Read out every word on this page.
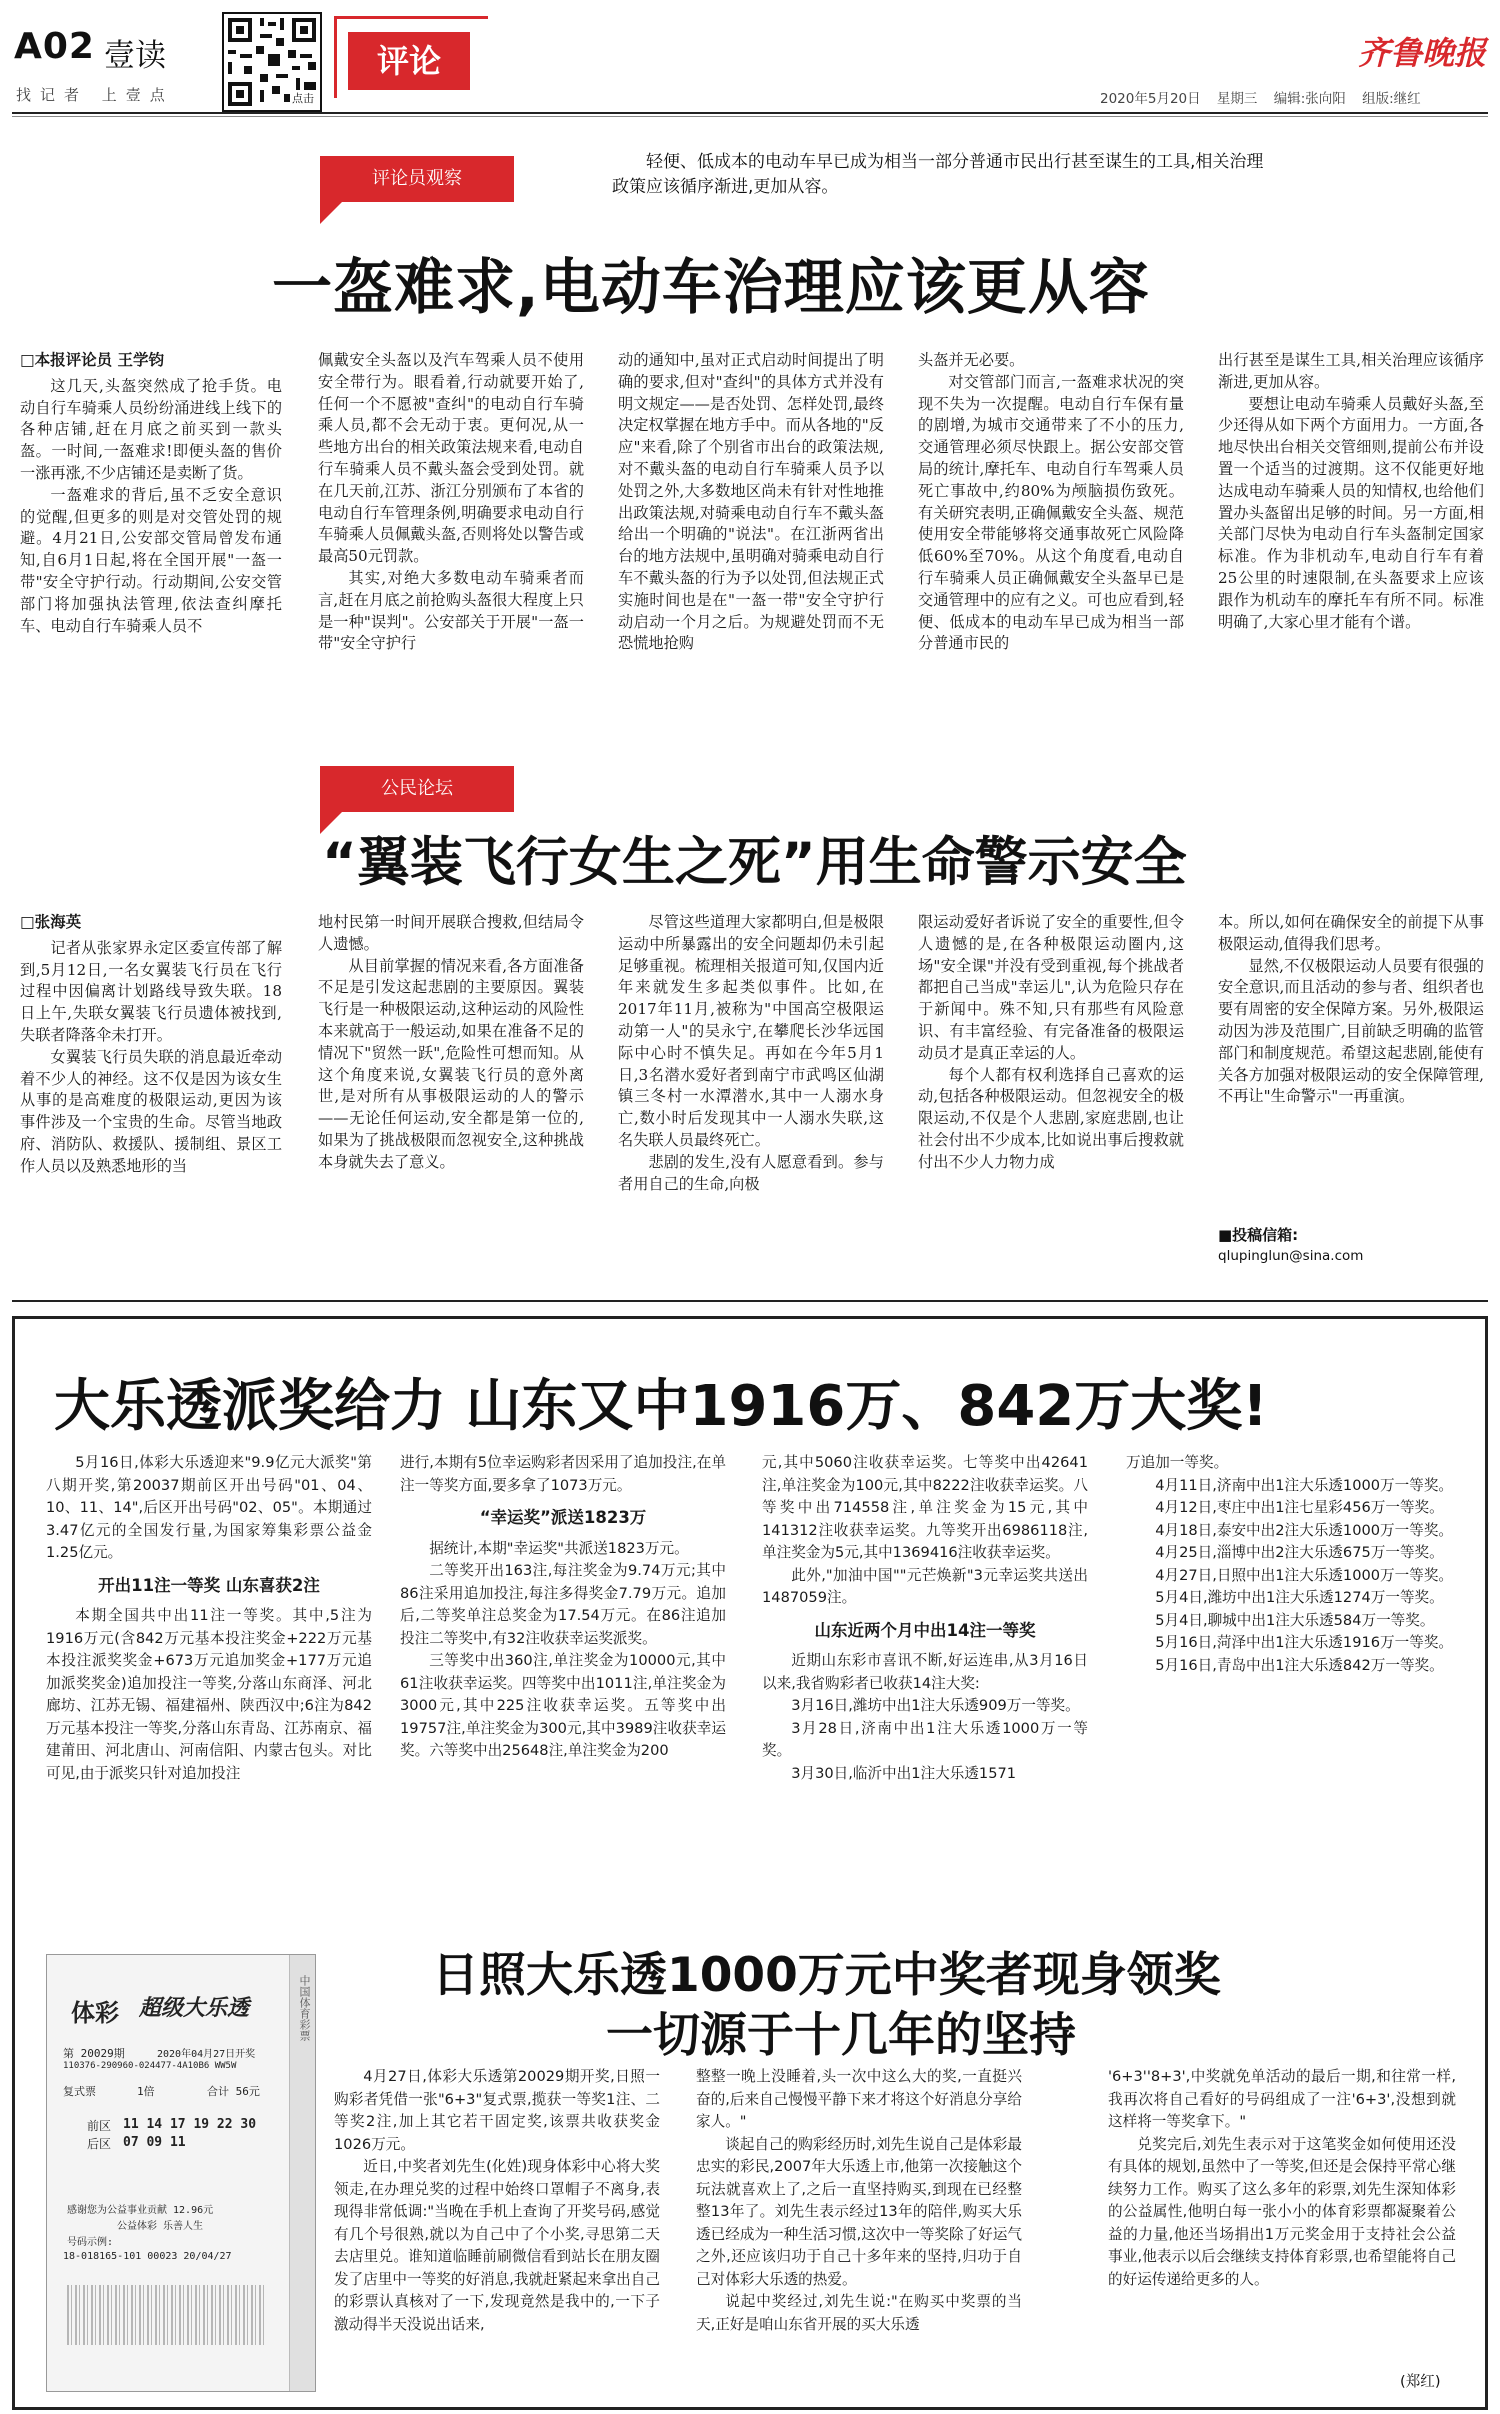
A02 壹读
找记者 上壹点	点击
评论	齐鲁晚报
2020年5月20日 星期三 编辑:张向阳 组版:继红
评论员观察
轻便、低成本的电动车早已成为相当一部分普通市民出行甚至谋生的工具,相关治理政策应该循序渐进,更加从容。
一盔难求,电动车治理应该更从容

□本报评论员 王学钧

这几天,头盔突然成了抢手货。电动自行车骑乘人员纷纷涌进线上线下的各种店铺,赶在月底之前买到一款头盔。一时间,一盔难求!即便头盔的售价一涨再涨,不少店铺还是卖断了货。

一盔难求的背后,虽不乏安全意识的觉醒,但更多的则是对交管处罚的规避。4月21日,公安部交管局曾发布通知,自6月1日起,将在全国开展"一盔一带"安全守护行动。行动期间,公安交管部门将加强执法管理,依法查纠摩托车、电动自行车骑乘人员不

佩戴安全头盔以及汽车驾乘人员不使用安全带行为。眼看着,行动就要开始了,任何一个不愿被"查纠"的电动自行车骑乘人员,都不会无动于衷。更何况,从一些地方出台的相关政策法规来看,电动自行车骑乘人员不戴头盔会受到处罚。就在几天前,江苏、浙江分别颁布了本省的电动自行车管理条例,明确要求电动自行车骑乘人员佩戴头盔,否则将处以警告或最高50元罚款。

其实,对绝大多数电动车骑乘者而言,赶在月底之前抢购头盔很大程度上只是一种"误判"。公安部关于开展"一盔一带"安全守护行

动的通知中,虽对正式启动时间提出了明确的要求,但对"查纠"的具体方式并没有明文规定——是否处罚、怎样处罚,最终决定权掌握在地方手中。而从各地的"反应"来看,除了个别省市出台的政策法规,对不戴头盔的电动自行车骑乘人员予以处罚之外,大多数地区尚未有针对性地推出政策法规,对骑乘电动自行车不戴头盔给出一个明确的"说法"。在江浙两省出台的地方法规中,虽明确对骑乘电动自行车不戴头盔的行为予以处罚,但法规正式实施时间也是在"一盔一带"安全守护行动启动一个月之后。为规避处罚而不无恐慌地抢购

头盔并无必要。

对交管部门而言,一盔难求状况的突现不失为一次提醒。电动自行车保有量的剧增,为城市交通带来了不小的压力,交通管理必须尽快跟上。据公安部交管局的统计,摩托车、电动自行车驾乘人员死亡事故中,约80%为颅脑损伤致死。有关研究表明,正确佩戴安全头盔、规范使用安全带能够将交通事故死亡风险降低60%至70%。从这个角度看,电动自行车骑乘人员正确佩戴安全头盔早已是交通管理中的应有之义。可也应看到,轻便、低成本的电动车早已成为相当一部分普通市民的

出行甚至是谋生工具,相关治理应该循序渐进,更加从容。

要想让电动车骑乘人员戴好头盔,至少还得从如下两个方面用力。一方面,各地尽快出台相关交管细则,提前公布并设置一个适当的过渡期。这不仅能更好地达成电动车骑乘人员的知情权,也给他们置办头盔留出足够的时间。另一方面,相关部门尽快为电动自行车头盔制定国家标准。作为非机动车,电动自行车有着25公里的时速限制,在头盔要求上应该跟作为机动车的摩托车有所不同。标准明确了,大家心里才能有个谱。

公民论坛
“翼装飞行女生之死”用生命警示安全

□张海英

记者从张家界永定区委宣传部了解到,5月12日,一名女翼装飞行员在飞行过程中因偏离计划路线导致失联。18日上午,失联女翼装飞行员遗体被找到,失联者降落伞未打开。

女翼装飞行员失联的消息最近牵动着不少人的神经。这不仅是因为该女生从事的是高难度的极限运动,更因为该事件涉及一个宝贵的生命。尽管当地政府、消防队、救援队、援制组、景区工作人员以及熟悉地形的当

地村民第一时间开展联合搜救,但结局令人遗憾。

从目前掌握的情况来看,各方面准备不足是引发这起悲剧的主要原因。翼装飞行是一种极限运动,这种运动的风险性本来就高于一般运动,如果在准备不足的情况下"贸然一跃",危险性可想而知。从这个角度来说,女翼装飞行员的意外离世,是对所有从事极限运动的人的警示——无论任何运动,安全都是第一位的,如果为了挑战极限而忽视安全,这种挑战本身就失去了意义。

尽管这些道理大家都明白,但是极限运动中所暴露出的安全问题却仍未引起足够重视。梳理相关报道可知,仅国内近年来就发生多起类似事件。比如,在2017年11月,被称为"中国高空极限运动第一人"的吴永宁,在攀爬长沙华远国际中心时不慎失足。再如在今年5月1日,3名潜水爱好者到南宁市武鸣区仙湖镇三冬村一水潭潜水,其中一人溺水身亡,数小时后发现其中一人溺水失联,这名失联人员最终死亡。

悲剧的发生,没有人愿意看到。参与者用自己的生命,向极

限运动爱好者诉说了安全的重要性,但令人遗憾的是,在各种极限运动圈内,这场"安全课"并没有受到重视,每个挑战者都把自己当成"幸运儿",认为危险只存在于新闻中。殊不知,只有那些有风险意识、有丰富经验、有完备准备的极限运动员才是真正幸运的人。

每个人都有权利选择自己喜欢的运动,包括各种极限运动。但忽视安全的极限运动,不仅是个人悲剧,家庭悲剧,也让社会付出不少成本,比如说出事后搜救就付出不少人力物力成

本。所以,如何在确保安全的前提下从事极限运动,值得我们思考。

显然,不仅极限运动人员要有很强的安全意识,而且活动的参与者、组织者也要有周密的安全保障方案。另外,极限运动因为涉及范围广,目前缺乏明确的监管部门和制度规范。希望这起悲剧,能使有关各方加强对极限运动的安全保障管理,不再让"生命警示"一再重演。

■投稿信箱:
qlupinglun@sina.com
大乐透派奖给力 山东又中1916万、842万大奖!

5月16日,体彩大乐透迎来"9.9亿元大派奖"第八期开奖,第20037期前区开出号码"01、04、10、11、14",后区开出号码"02、05"。本期通过3.47亿元的全国发行量,为国家筹集彩票公益金1.25亿元。

开出11注一等奖 山东喜获2注

本期全国共中出11注一等奖。其中,5注为1916万元(含842万元基本投注奖金+222万元基本投注派奖奖金+673万元追加奖金+177万元追加派奖奖金)追加投注一等奖,分落山东商泽、河北廊坊、江苏无锡、福建福州、陕西汉中;6注为842万元基本投注一等奖,分落山东青岛、江苏南京、福建莆田、河北唐山、河南信阳、内蒙古包头。对比可见,由于派奖只针对追加投注

进行,本期有5位幸运购彩者因采用了追加投注,在单注一等奖方面,要多拿了1073万元。

“幸运奖”派送1823万

据统计,本期"幸运奖"共派送1823万元。

二等奖开出163注,每注奖金为9.74万元;其中86注采用追加投注,每注多得奖金7.79万元。追加后,二等奖单注总奖金为17.54万元。在86注追加投注二等奖中,有32注收获幸运奖派奖。

三等奖中出360注,单注奖金为10000元,其中61注收获幸运奖。四等奖中出1011注,单注奖金为3000元,其中225注收获幸运奖。五等奖中出19757注,单注奖金为300元,其中3989注收获幸运奖。六等奖中出25648注,单注奖金为200

元,其中5060注收获幸运奖。七等奖中出42641注,单注奖金为100元,其中8222注收获幸运奖。八等奖中出714558注,单注奖金为15元,其中141312注收获幸运奖。九等奖开出6986118注,单注奖金为5元,其中1369416注收获幸运奖。

此外,"加油中国""元芒焕新"3元幸运奖共送出1487059注。

山东近两个月中出14注一等奖

近期山东彩市喜讯不断,好运连串,从3月16日以来,我省购彩者已收获14注大奖:

3月16日,潍坊中出1注大乐透909万一等奖。

3月28日,济南中出1注大乐透1000万一等奖。

3月30日,临沂中出1注大乐透1571

万追加一等奖。

4月11日,济南中出1注大乐透1000万一等奖。

4月12日,枣庄中出1注七星彩456万一等奖。

4月18日,泰安中出2注大乐透1000万一等奖。

4月25日,淄博中出2注大乐透675万一等奖。

4月27日,日照中出1注大乐透1000万一等奖。

5月4日,潍坊中出1注大乐透1274万一等奖。

5月4日,聊城中出1注大乐透584万一等奖。

5月16日,菏泽中出1注大乐透1916万一等奖。

5月16日,青岛中出1注大乐透842万一等奖。

日照大乐透1000万元中奖者现身领奖
一切源于十几年的坚持
中国体育彩票
体彩 超级大乐透
第 20029期	2020年04月27日开奖
110376-290960-024477-4A10B6 WW5W
复式票	1倍	合计 56元
前区 11 14 17 19 22 30
后区 07 09 11
感谢您为公益事业贡献 12.96元
公益体彩 乐善人生
号码示例:
18-018165-101 00023 20/04/27

4月27日,体彩大乐透第20029期开奖,日照一购彩者凭借一张"6+3"复式票,揽获一等奖1注、二等奖2注,加上其它若干固定奖,该票共收获奖金1026万元。

近日,中奖者刘先生(化姓)现身体彩中心将大奖领走,在办理兑奖的过程中始终口罩帽子不离身,表现得非常低调:"当晚在手机上查询了开奖号码,感觉有几个号很熟,就以为自己中了个小奖,寻思第二天去店里兑。谁知道临睡前刷微信看到站长在朋友圈发了店里中一等奖的好消息,我就赶紧起来拿出自己的彩票认真核对了一下,发现竟然是我中的,一下子激动得半天没说出话来,

整整一晚上没睡着,头一次中这么大的奖,一直挺兴奋的,后来自己慢慢平静下来才将这个好消息分享给家人。"

谈起自己的购彩经历时,刘先生说自己是体彩最忠实的彩民,2007年大乐透上市,他第一次接触这个玩法就喜欢上了,之后一直坚持购买,到现在已经整整13年了。刘先生表示经过13年的陪伴,购买大乐透已经成为一种生活习惯,这次中一等奖除了好运气之外,还应该归功于自己十多年来的坚持,归功于自己对体彩大乐透的热爱。

说起中奖经过,刘先生说:"在购买中奖票的当天,正好是咱山东省开展的买大乐透

'6+3''8+3',中奖就免单活动的最后一期,和往常一样,我再次将自己看好的号码组成了一注'6+3',没想到就这样将一等奖拿下。"

兑奖完后,刘先生表示对于这笔奖金如何使用还没有具体的规划,虽然中了一等奖,但还是会保持平常心继续努力工作。购买了这么多年的彩票,刘先生深知体彩的公益属性,他明白每一张小小的体育彩票都凝聚着公益的力量,他还当场捐出1万元奖金用于支持社会公益事业,他表示以后会继续支持体育彩票,也希望能将自己的好运传递给更多的人。

(郑红)
